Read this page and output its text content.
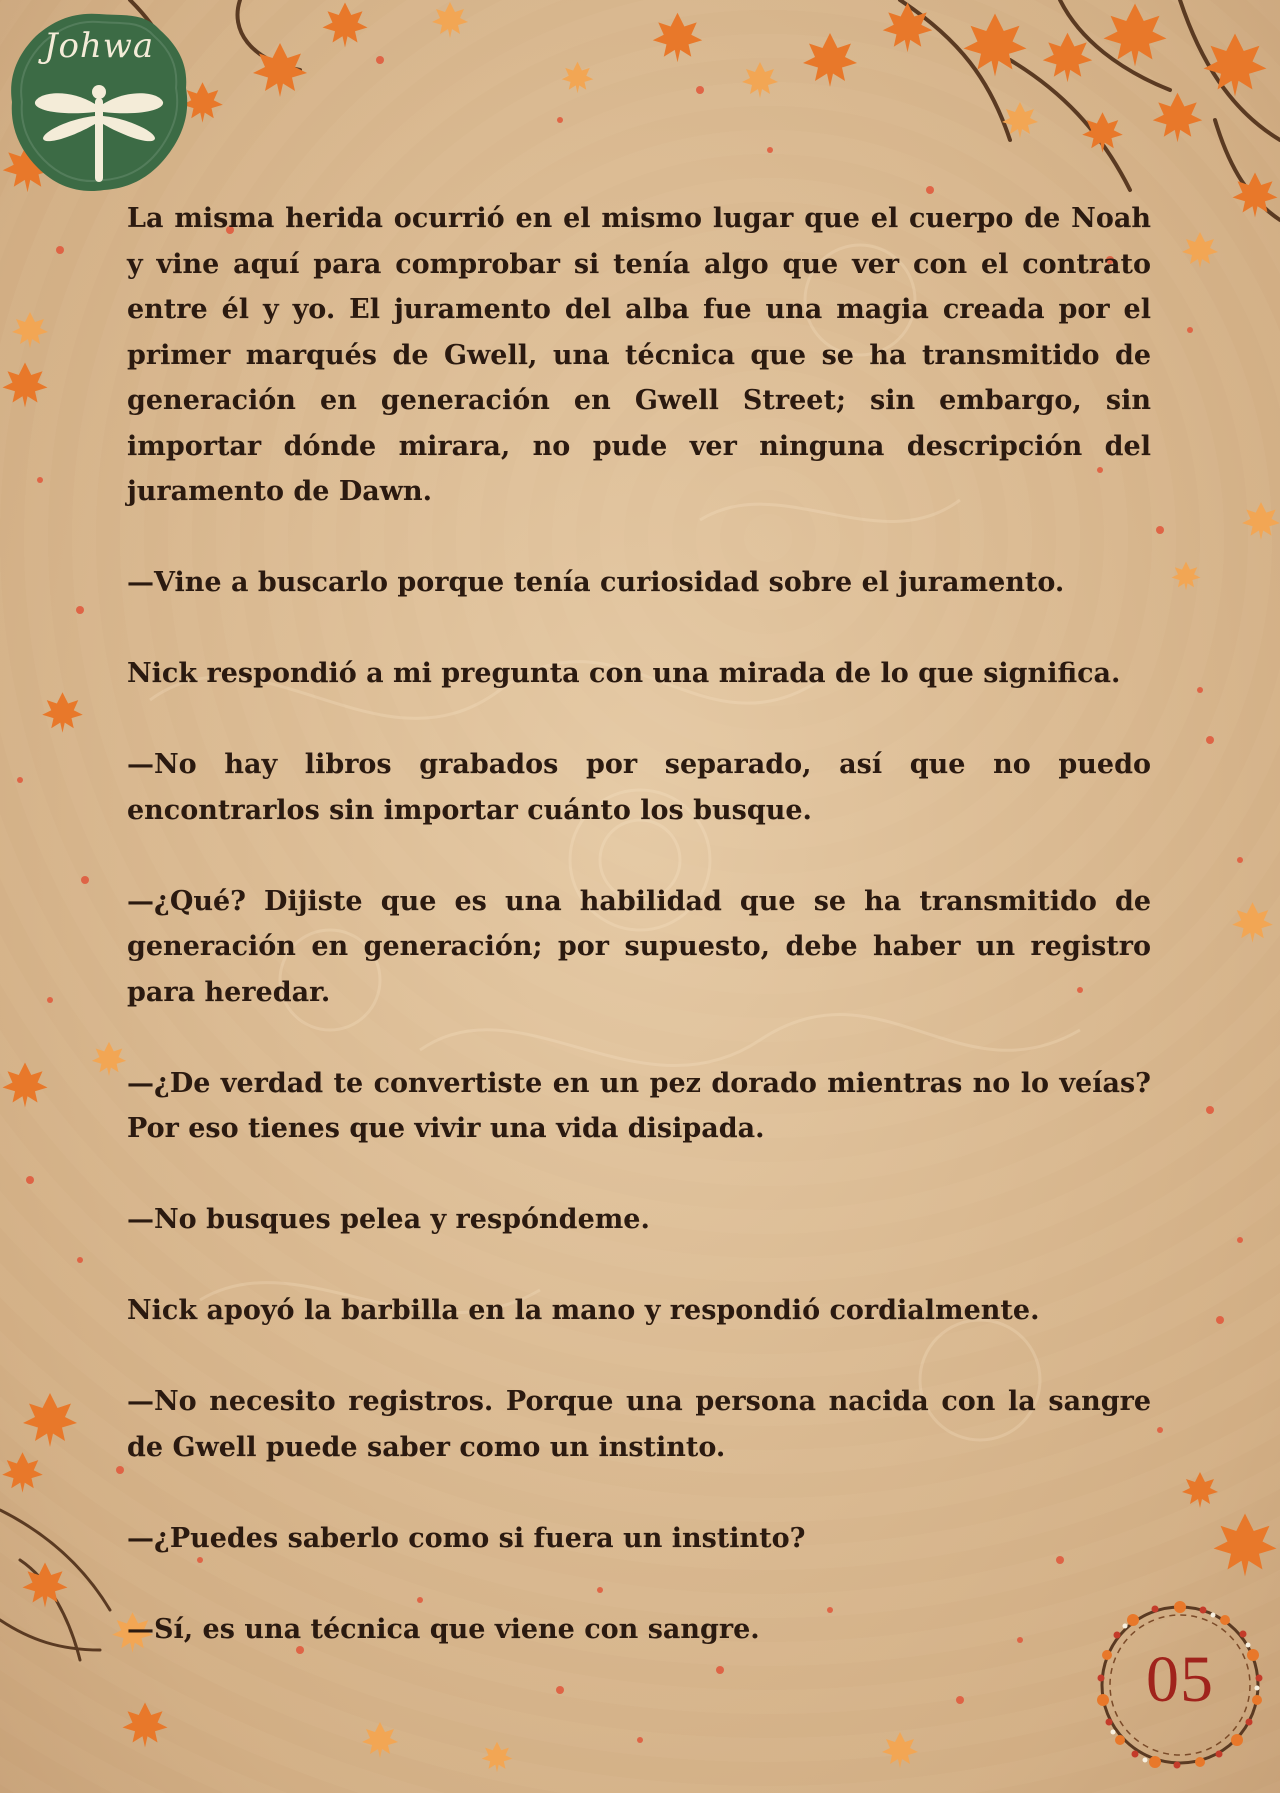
Johwa

La misma herida ocurrió en el mismo lugar que el cuerpo de Noah y vine aquí para comprobar si tenía algo que ver con el contrato entre él y yo. El juramento del alba fue una magia creada por el primer marqués de Gwell, una técnica que se ha transmitido de generación en generación en Gwell Street; sin embargo, sin importar dónde mirara, no pude ver ninguna descripción del juramento de Dawn.

—Vine a buscarlo porque tenía curiosidad sobre el juramento.

Nick respondió a mi pregunta con una mirada de lo que significa.

—No hay libros grabados por separado, así que no puedo encontrarlos sin importar cuánto los busque.

—¿Qué? Dijiste que es una habilidad que se ha transmitido de generación en generación; por supuesto, debe haber un registro para heredar.

—¿De verdad te convertiste en un pez dorado mientras no lo veías? Por eso tienes que vivir una vida disipada.

—No busques pelea y respóndeme.

Nick apoyó la barbilla en la mano y respondió cordialmente.

—No necesito registros. Porque una persona nacida con la sangre de Gwell puede saber como un instinto.

—¿Puedes saberlo como si fuera un instinto?

—Sí, es una técnica que viene con sangre.

05
